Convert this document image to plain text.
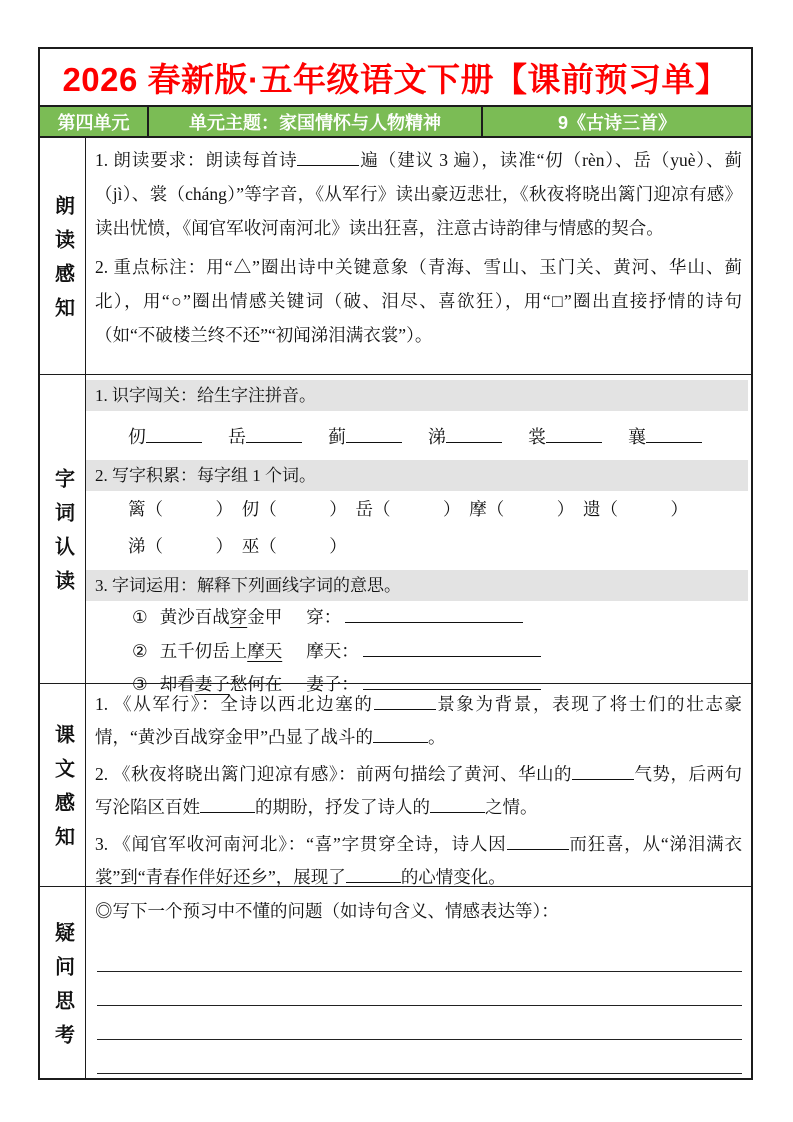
2026 春新版·五年级语文下册【课前预习单】
第四单元	单元主题：家国情怀与人物精神	9《古诗三首》
朗读感知
1. 朗读要求：朗读每首诗	遍（建议 3 遍），读准“仞（rèn）、岳（yuè）、蓟（jì）、裳（cháng）”等字音，《从军行》读出豪迈悲壮，《秋夜将晓出篱门迎凉有感》读出忧愤，《闻官军收河南河北》读出狂喜，注意古诗韵律与情感的契合。
2. 重点标注：用“△”圈出诗中关键意象（青海、雪山、玉门关、黄河、华山、蓟北），用“○”圈出情感关键词（破、泪尽、喜欲狂），用“□”圈出直接抒情的诗句（如“不破楼兰终不还”“初闻涕泪满衣裳”）。
字词认读
1. 识字闯关：给生字注拼音。
仞	岳	蓟	涕	裳	襄
2. 写字积累：每字组 1 个词。
篱（　　　）　仞（　　　）　岳（　　　）　摩（　　　）　遗（　　　）
涕（　　　）　巫（　　　）
3. 字词运用：解释下列画线字词的意思。
① 黄沙百战穿金甲 穿：
② 五千仞岳上摩天 摩天：
③ 却看妻子愁何在 妻子：
课文感知
1. 《从军行》：全诗以西北边塞的	景象为背景，表现了将士们的壮志豪情，“黄沙百战穿金甲”凸显了战斗的	。
2. 《秋夜将晓出篱门迎凉有感》：前两句描绘了黄河、华山的	气势，后两句写沦陷区百姓	的期盼，抒发了诗人的	之情。
3. 《闻官军收河南河北》：“喜”字贯穿全诗，诗人因	而狂喜，从“涕泪满衣裳”到“青春作伴好还乡”，展现了	的心情变化。
疑问思考
◎写下一个预习中不懂的问题（如诗句含义、情感表达等）：
